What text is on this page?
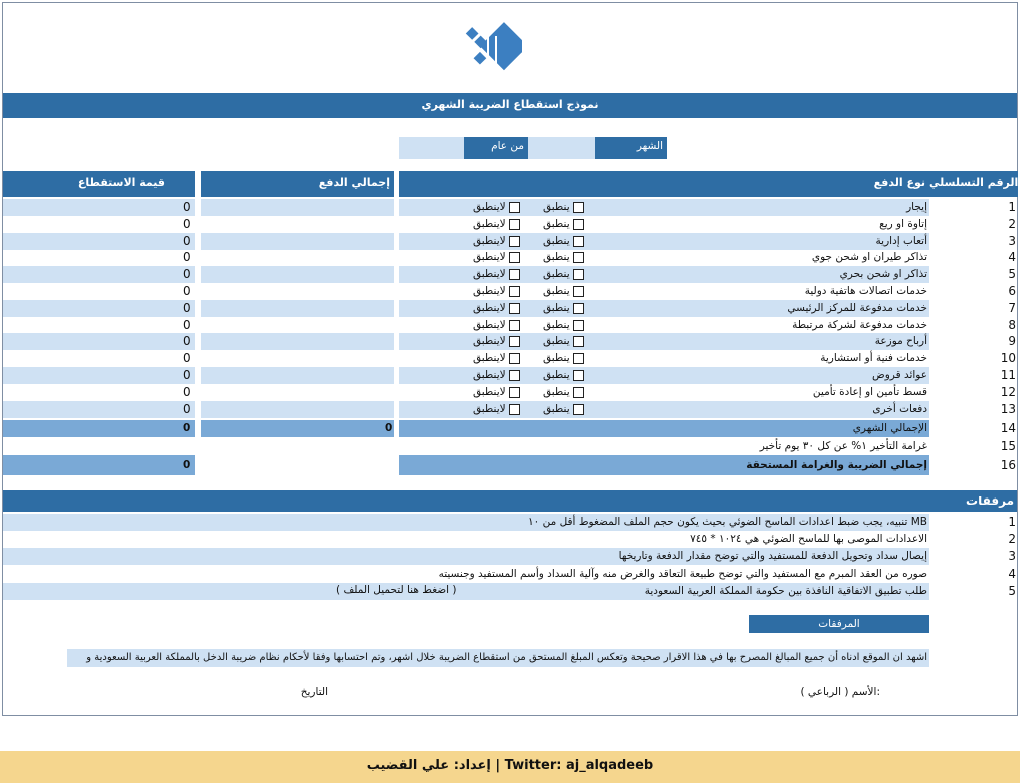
نموذج استقطاع الضريبة الشهري
الشهر
من عام
الرقم التسلسلي
نوع الدفع
إجمالي الدفع
قيمة الاستقطاع
1
إيجار
ينطبق
لاينطبق
0
2
إتاوة او ريع
ينطبق
لاينطبق
0
3
أتعاب إدارية
ينطبق
لاينطبق
0
4
تذاكر طيران او شحن جوي
ينطبق
لاينطبق
0
5
تذاكر او شحن بحري
ينطبق
لاينطبق
0
6
خدمات اتصالات هاتفية دولية
ينطبق
لاينطبق
0
7
خدمات مدفوعة للمركز الرئيسي
ينطبق
لاينطبق
0
8
خدمات مدفوعة لشركة مرتبطة
ينطبق
لاينطبق
0
9
أرباح موزعة
ينطبق
لاينطبق
0
10
خدمات فنية أو استشارية
ينطبق
لاينطبق
0
11
عوائد قروض
ينطبق
لاينطبق
0
12
قسط تأمين او إعادة تأمين
ينطبق
لاينطبق
0
13
دفعات أخرى
ينطبق
لاينطبق
0
14
الإجمالي الشهري
0
0
15
غرامة التأخير ١% عن كل ٣٠ يوم تأخير
16
إجمالي الضريبة والغرامة المستحقة
0
مرفقات
1
تنبيه، يجب ضبط اعدادات الماسح الضوئي بحيث يكون حجم الملف المضغوط أقل من ١٠ MB
2
الاعدادات الموصى بها للماسح الضوئي هي ١٠٢٤ * ٧٤٥
3
إيصال سداد وتحويل الدفعة للمستفيد والتي توضح مقدار الدفعة وتاريخها
4
صوره من العقد المبرم مع المستفيد والتي توضح طبيعة التعاقد والغرض منه وآلية السداد وأسم المستفيد وجنسيته
5
طلب تطبيق الاتفاقية النافذة بين حكومة المملكة العربية السعودية
( اضغط هنا لتحميل الملف )
المرفقات
اشهد ان الموقع ادناه أن جميع المبالغ المصرح بها في هذا الاقرار صحيحة وتعكس المبلغ المستحق من استقطاع الضريبة خلال اشهر، وتم احتسابها وفقا لأحكام نظام ضريبة الدخل بالمملكة العربية السعودية و
الأسم ( الرباعي ):
التاريخ
إعداد: علي القضيب | Twitter: aj_alqadeeb
